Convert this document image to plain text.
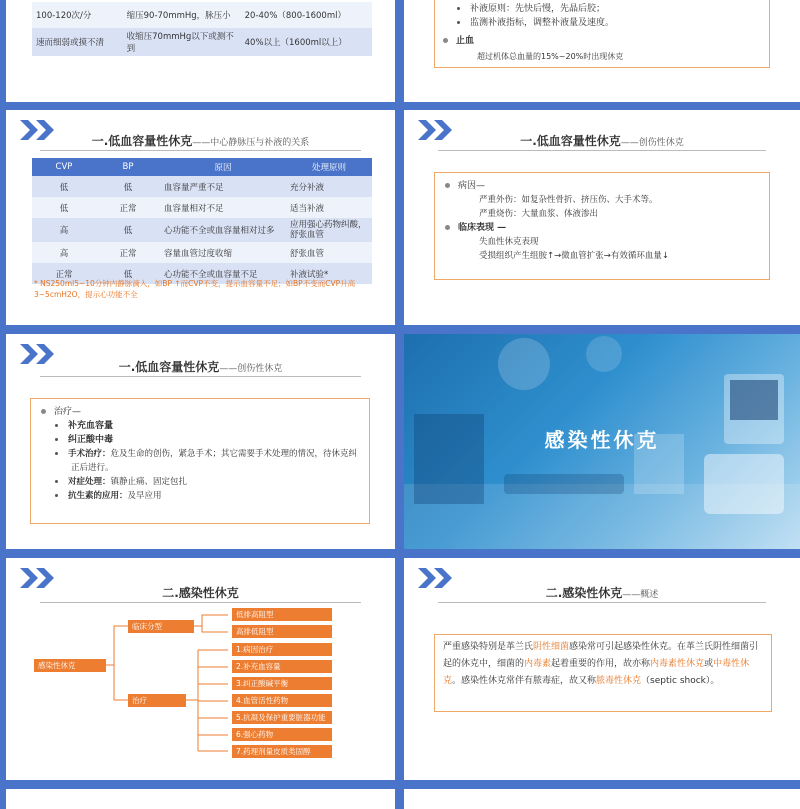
100-120次/分	缩压90-70mmHg，脉压小	20-40%（800-1600ml）
速而细弱或摸不清	收缩压70mmHg以下或测不到	40%以上（1600ml以上）
补液原则：先快后慢，先晶后胶；
监测补液指标，调整补液量及速度。
止血
超过机体总血量的15%~20%时出现休克
一.低血容量性休克——中心静脉压与补液的关系
CVP	BP	原因	处理原则
低	低	血容量严重不足	充分补液
低	正常	血容量相对不足	适当补液
高	低	心功能不全或血容量相对过多	应用强心药物纠酸，舒张血管
高	正常	容量血管过度收缩	舒张血管
正常	低	心功能不全或血容量不足	补液试验*
* NS250ml5~10分钟内静脉滴入，如BP ↑而CVP不变，提示血容量不足；如BP不变而CVP升高3~5cmH2O，提示心功能不全
一.低血容量性休克——创伤性休克
病因—
严重外伤：如复杂性骨折、挤压伤、大手术等。
严重烧伤：大量血浆、体液渗出
临床表现 —
失血性休克表现
受损组织产生组胺↑→微血管扩张→有效循环血量↓
一.低血容量性休克——创伤性休克
治疗—
补充血容量
纠正酸中毒
手术治疗：危及生命的创伤，紧急手术；其它需要手术处理的情况，待休克纠正后进行。
对症处理：镇静止痛、固定包扎
抗生素的应用：及早应用
感染性休克
二.感染性休克
感染性休克
临床分型
治疗
低排高阻型
高排低阻型
1.病因治疗
2.补充血容量
3.纠正酸碱平衡
4.血管活性药物
5.抗凝及保护重要脏器功能
6.强心药物
7.药理剂量皮质类固醇
二.感染性休克——概述
严重感染特别是革兰氏阴性细菌感染常可引起感染性休克。在革兰氏阴性细菌引起的休克中，细菌的内毒素起着重要的作用，故亦称内毒素性休克或中毒性休克。感染性休克常伴有脓毒症，故又称脓毒性休克（septic shock）。
